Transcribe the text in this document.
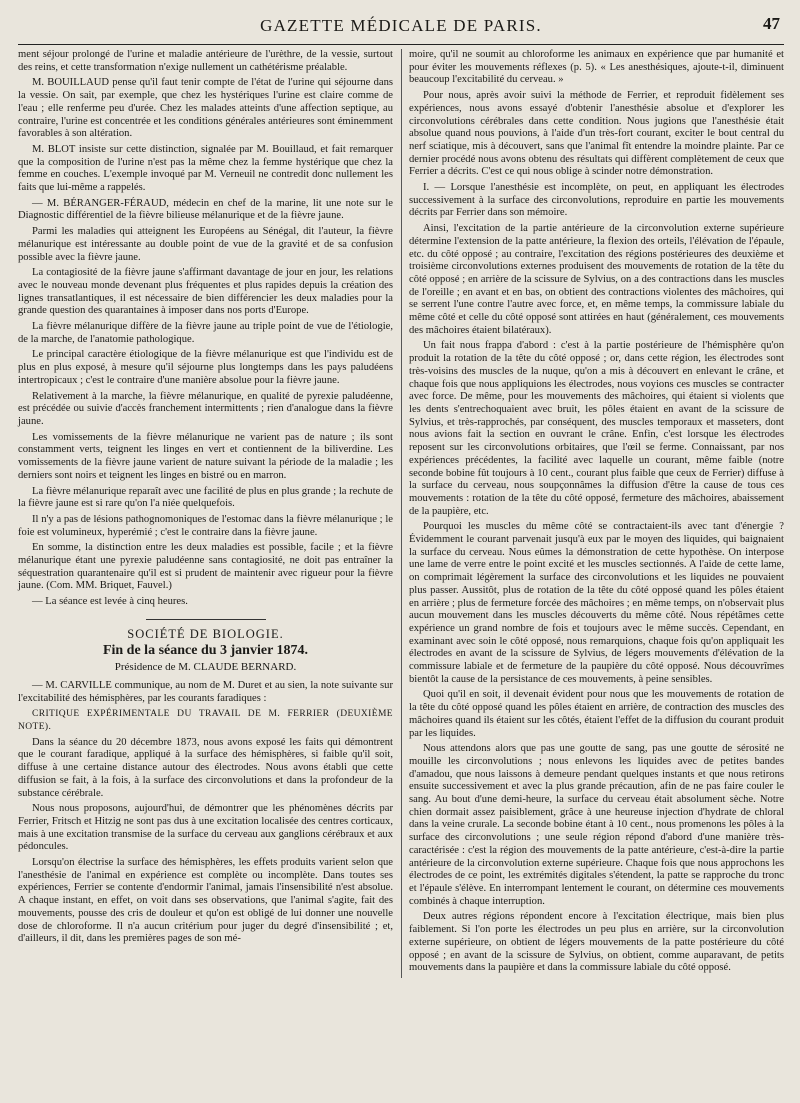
GAZETTE MÉDICALE DE PARIS.	47

ment séjour prolongé de l'urine et maladie antérieure de l'urèthre, de la vessie, surtout des reins, et cette transformation n'exige nullement un cathétérisme préalable.

M. BOUILLAUD pense qu'il faut tenir compte de l'état de l'urine qui séjourne dans la vessie. On sait, par exemple, que chez les hystériques l'urine est claire comme de l'eau ; elle renferme peu d'urée. Chez les malades atteints d'une affection septique, au contraire, l'urine est concentrée et les conditions générales antérieures sont éminemment favorables à son altération.

M. BLOT insiste sur cette distinction, signalée par M. Bouillaud, et fait remarquer que la composition de l'urine n'est pas la même chez la femme hystérique que chez la femme en couches. L'exemple invoqué par M. Verneuil ne contredit donc nullement les faits que lui-même a rappelés.

— M. BÉRANGER-FÉRAUD, médecin en chef de la marine, lit une note sur le Diagnostic différentiel de la fièvre bilieuse mélanurique et de la fièvre jaune.

Parmi les maladies qui atteignent les Européens au Sénégal, dit l'auteur, la fièvre mélanurique est intéressante au double point de vue de la gravité et de sa confusion possible avec la fièvre jaune.

La contagiosité de la fièvre jaune s'affirmant davantage de jour en jour, les relations avec le nouveau monde devenant plus fréquentes et plus rapides depuis la création des lignes transatlantiques, il est nécessaire de bien différencier les deux maladies pour la grande question des quarantaines à imposer dans nos ports d'Europe.

La fièvre mélanurique diffère de la fièvre jaune au triple point de vue de l'étiologie, de la marche, de l'anatomie pathologique.

Le principal caractère étiologique de la fièvre mélanurique est que l'individu est de plus en plus exposé, à mesure qu'il séjourne plus longtemps dans les pays paludéens intertropicaux ; c'est le contraire d'une manière absolue pour la fièvre jaune.

Relativement à la marche, la fièvre mélanurique, en qualité de pyrexie paludéenne, est précédée ou suivie d'accès franchement intermittents ; rien d'analogue dans la fièvre jaune.

Les vomissements de la fièvre mélanurique ne varient pas de nature ; ils sont constamment verts, teignent les linges en vert et contiennent de la biliverdine. Les vomissements de la fièvre jaune varient de nature suivant la période de la maladie ; les derniers sont noirs et teignent les linges en bistré ou en marron.

La fièvre mélanurique reparaît avec une facilité de plus en plus grande ; la rechute de la fièvre jaune est si rare qu'on l'a niée quelquefois.

Il n'y a pas de lésions pathognomoniques de l'estomac dans la fièvre mélanurique ; le foie est volumineux, hyperémié ; c'est le contraire dans la fièvre jaune.

En somme, la distinction entre les deux maladies est possible, facile ; et la fièvre mélanurique étant une pyrexie paludéenne sans contagiosité, ne doit pas entraîner la séquestration quarantenaire qu'il est si prudent de maintenir avec rigueur pour la fièvre jaune. (Com. MM. Briquet, Fauvel.)

— La séance est levée à cinq heures.

SOCIÉTÉ DE BIOLOGIE.
Fin de la séance du 3 janvier 1874.
Présidence de M. CLAUDE BERNARD.

— M. CARVILLE communique, au nom de M. Duret et au sien, la note suivante sur l'excitabilité des hémisphères, par les courants faradiques :

CRITIQUE EXPÉRIMENTALE DU TRAVAIL DE M. FERRIER (DEUXIÈME NOTE).

Dans la séance du 20 décembre 1873, nous avons exposé les faits qui démontrent que le courant faradique, appliqué à la surface des hémisphères, si faible qu'il soit, diffuse à une certaine distance autour des électrodes. Nous avons établi que cette diffusion se fait, à la fois, à la surface des circonvolutions et dans la profondeur de la substance cérébrale.

Nous nous proposons, aujourd'hui, de démontrer que les phénomènes décrits par Ferrier, Fritsch et Hitzig ne sont pas dus à une excitation localisée des centres corticaux, mais à une excitation transmise de la surface du cerveau aux ganglions cérébraux et aux pédoncules.

Lorsqu'on électrise la surface des hémisphères, les effets produits varient selon que l'anesthésie de l'animal en expérience est complète ou incomplète. Dans toutes ses expériences, Ferrier se contente d'endormir l'animal, jamais l'insensibilité n'est absolue. A chaque instant, en effet, on voit dans ses observations, que l'animal s'agite, fait des mouvements, pousse des cris de douleur et qu'on est obligé de lui donner une nouvelle dose de chloroforme. Il n'a aucun critérium pour juger du degré d'insensibilité ; et, d'ailleurs, il dit, dans les premières pages de son mé-

moire, qu'il ne soumit au chloroforme les animaux en expérience que par humanité et pour éviter les mouvements réflexes (p. 5). « Les anesthésiques, ajoute-t-il, diminuent beaucoup l'excitabilité du cerveau. »

Pour nous, après avoir suivi la méthode de Ferrier, et reproduit fidèlement ses expériences, nous avons essayé d'obtenir l'anesthésie absolue et d'explorer les circonvolutions cérébrales dans cette condition. Nous jugions que l'anesthésie était absolue quand nous pouvions, à l'aide d'un très-fort courant, exciter le bout central du nerf sciatique, mis à découvert, sans que l'animal fît entendre la moindre plainte. Par ce dernier procédé nous avons obtenu des résultats qui diffèrent complètement de ceux que Ferrier a décrits. C'est ce qui nous oblige à scinder notre démonstration.

I. — Lorsque l'anesthésie est incomplète, on peut, en appliquant les électrodes successivement à la surface des circonvolutions, reproduire en partie les mouvements décrits par Ferrier dans son mémoire.

Ainsi, l'excitation de la partie antérieure de la circonvolution externe supérieure détermine l'extension de la patte antérieure, la flexion des orteils, l'élévation de l'épaule, etc. du côté opposé ; au contraire, l'excitation des régions postérieures des deuxième et troisième circonvolutions externes produisent des mouvements de rotation de la tête du côté opposé ; en arrière de la scissure de Sylvius, on a des contractions dans les muscles de l'oreille ; en avant et en bas, on obtient des contractions violentes des mâchoires, qui se serrent l'une contre l'autre avec force, et, en même temps, la commissure labiale du même côté et celle du côté opposé sont attirées en haut (généralement, ces mouvements des mâchoires étaient bilatéraux).

Un fait nous frappa d'abord : c'est à la partie postérieure de l'hémisphère qu'on produit la rotation de la tête du côté opposé ; or, dans cette région, les électrodes sont très-voisins des muscles de la nuque, qu'on a mis à découvert en enlevant le crâne, et chaque fois que nous appliquions les électrodes, nous voyions ces muscles se contracter avec force. De même, pour les mouvements des mâchoires, qui étaient si violents que les dents s'entrechoquaient avec bruit, les pôles étaient en avant de la scissure de Sylvius, et très-rapprochés, par conséquent, des muscles temporaux et masseters, dont nous avions fait la section en ouvrant le crâne. Enfin, c'est lorsque les électrodes reposent sur les circonvolutions orbitaires, que l'œil se ferme. Connaissant, par nos expériences précédentes, la facilité avec laquelle un courant, même faible (notre seconde bobine fût toujours à 10 cent., courant plus faible que ceux de Ferrier) diffuse à la surface du cerveau, nous soupçonnâmes la diffusion d'être la cause de tous ces mouvements : rotation de la tête du côté opposé, fermeture des mâchoires, abaissement de la paupière, etc.

Pourquoi les muscles du même côté se contractaient-ils avec tant d'énergie ? Évidemment le courant parvenait jusqu'à eux par le moyen des liquides, qui baignaient la surface du cerveau. Nous eûmes la démonstration de cette hypothèse. On interpose une lame de verre entre le point excité et les muscles sectionnés. A l'aide de cette lame, on comprimait légèrement la surface des circonvolutions et les liquides ne pouvaient plus passer. Aussitôt, plus de rotation de la tête du côté opposé quand les pôles étaient en arrière ; plus de fermeture forcée des mâchoires ; en même temps, on n'observait plus aucun mouvement dans les muscles découverts du même côté. Nous répétâmes cette expérience un grand nombre de fois et toujours avec le même succès. Cependant, en examinant avec soin le côté opposé, nous remarquions, chaque fois qu'on appliquait les électrodes en avant de la scissure de Sylvius, de légers mouvements d'élévation de la commissure labiale et de fermeture de la paupière du côté opposé. Nous découvrîmes bientôt la cause de la persistance de ces mouvements, à peine sensibles.

Quoi qu'il en soit, il devenait évident pour nous que les mouvements de rotation de la tête du côté opposé quand les pôles étaient en arrière, de contraction des muscles des mâchoires quand ils étaient sur les côtés, étaient l'effet de la diffusion du courant produit par les liquides.

Nous attendons alors que pas une goutte de sang, pas une goutte de sérosité ne mouille les circonvolutions ; nous enlevons les liquides avec de petites bandes d'amadou, que nous laissons à demeure pendant quelques instants et que nous retirons ensuite successivement et avec la plus grande précaution, afin de ne pas faire couler le sang. Au bout d'une demi-heure, la surface du cerveau était absolument sèche. Notre chien dormait assez paisiblement, grâce à une heureuse injection d'hydrate de chloral dans la veine crurale. La seconde bobine étant à 10 cent., nous promenons les pôles à la surface des circonvolutions ; une seule région répond d'abord d'une manière très-caractérisée : c'est la région des mouvements de la patte antérieure, c'est-à-dire la partie antérieure de la circonvolution externe supérieure. Chaque fois que nous approchons les électrodes de ce point, les extrémités digitales s'étendent, la patte se rapproche du tronc et l'épaule s'élève. En interrompant lentement le courant, on détermine ces mouvements combinés à chaque interruption.

Deux autres régions répondent encore à l'excitation électrique, mais bien plus faiblement. Si l'on porte les électrodes un peu plus en arrière, sur la circonvolution externe supérieure, on obtient de légers mouvements de la patte postérieure du côté opposé ; en avant de la scissure de Sylvius, on obtient, comme auparavant, de petits mouvements dans la paupière et dans la commissure labiale du côté opposé.
